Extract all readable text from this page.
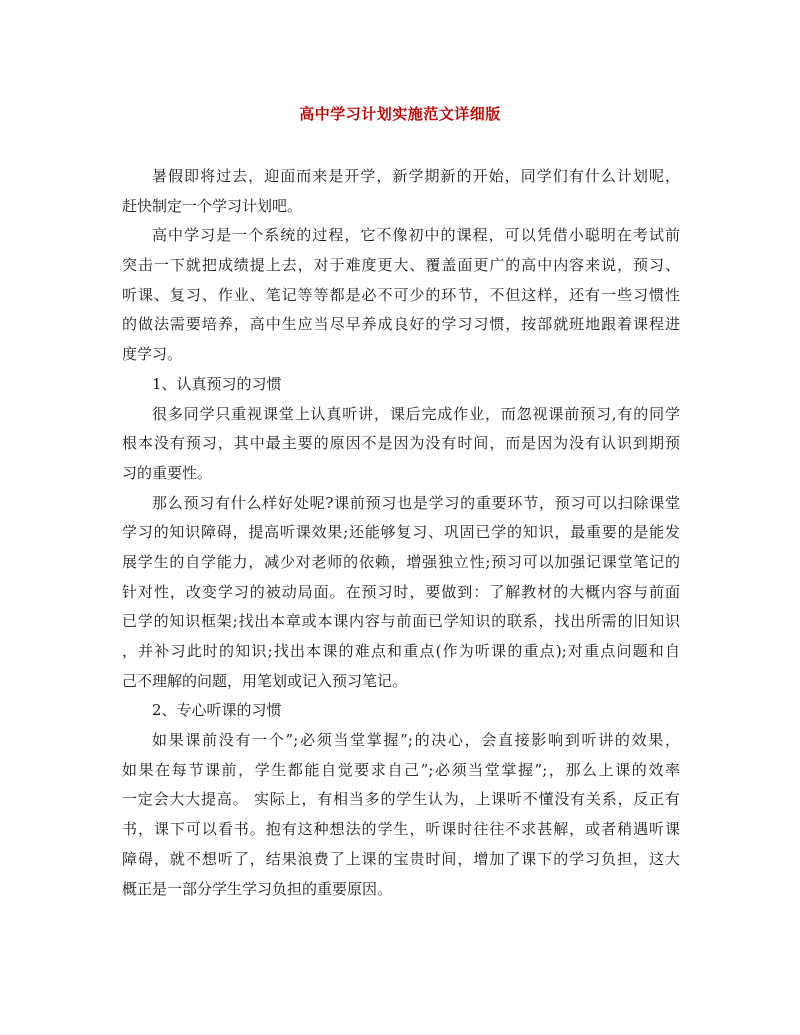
高中学习计划实施范文详细版

暑假即将过去，迎面而来是开学，新学期新的开始，同学们有什么计划呢，
赶快制定一个学习计划吧。

高中学习是一个系统的过程，它不像初中的课程，可以凭借小聪明在考试前
突击一下就把成绩提上去，对于难度更大、覆盖面更广的高中内容来说，预习、
听课、复习、作业、笔记等等都是必不可少的环节，不但这样，还有一些习惯性
的做法需要培养，高中生应当尽早养成良好的学习习惯，按部就班地跟着课程进
度学习。

1、认真预习的习惯

很多同学只重视课堂上认真听讲，课后完成作业，而忽视课前预习,有的同学
根本没有预习，其中最主要的原因不是因为没有时间，而是因为没有认识到期预
习的重要性。

那么预习有什么样好处呢?课前预习也是学习的重要环节，预习可以扫除课堂
学习的知识障碍，提高听课效果;还能够复习、巩固已学的知识，最重要的是能发
展学生的自学能力，减少对老师的依赖，增强独立性;预习可以加强记课堂笔记的
针对性，改变学习的被动局面。在预习时，要做到：了解教材的大概内容与前面
已学的知识框架;找出本章或本课内容与前面已学知识的联系，找出所需的旧知识
，并补习此时的知识;找出本课的难点和重点(作为听课的重点);对重点问题和自
己不理解的问题，用笔划或记入预习笔记。

2、专心听课的习惯

如果课前没有一个”;必须当堂掌握”;的决心，会直接影响到听讲的效果，
如果在每节课前，学生都能自觉要求自己”;必须当堂掌握”;，那么上课的效率
一定会大大提高。 实际上，有相当多的学生认为，上课听不懂没有关系，反正有
书，课下可以看书。抱有这种想法的学生，听课时往往不求甚解，或者稍遇听课
障碍，就不想听了，结果浪费了上课的宝贵时间，增加了课下的学习负担，这大
概正是一部分学生学习负担的重要原因。
